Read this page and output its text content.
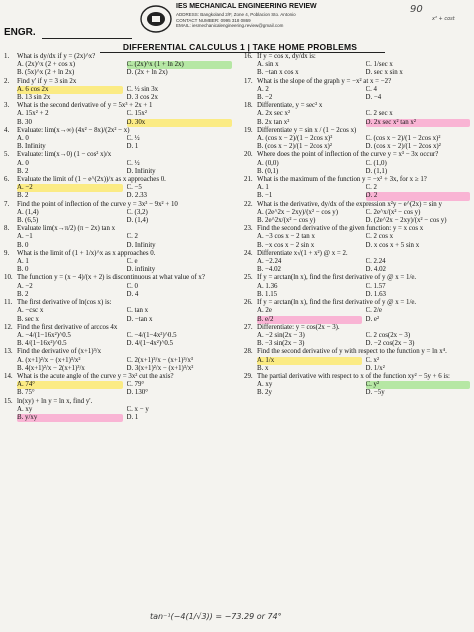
ENGR.
IES MECHANICAL ENGINEERING REVIEW
ADDRESS: Bangkoland 2/F, Zone 4, Poblacion Sto. Antonio
CONTACT NUMBER: 0995 318 0869
EMAIL: iesmechanicalengineering.review@gmail.com
90
x² + cost
DIFFERENTIAL CALCULUS 1 | TAKE HOME PROBLEMS
1. What is dy/dx if y = (2x)^x?
A. (2x)^x (2 + cos x)	C. (2x)^x (1 + ln 2x)
B. (5x)^x (2 + ln 2x)	D. (2x + ln 2x)
2. Find y' if y = 3 sin 2x
A. 6 cos 2x	C. ½ sin 3x
B. 13 sin 2x	D. 3 cos 2x
3. What is the second derivative of y = 5x³ + 2x + 1
A. 15x² + 2	C. 15x²
B. 30	D. 30x
4. Evaluate: lim(x→∞) (4x² − 8x)/(2x² − x)
A. 0	C. ½
B. Infinity	D. 1
5. Evaluate: lim(x→0) (1 − cos² x)/x
A. 0	C. ½
B. 2	D. Infinity
6. Evaluate the limit of (1 − e^(2x))/x as x approaches 0.
A. −2	C. −5
B. 2	D. 2.33
7. Find the point of inflection of the curve y = 3x³ − 9x² + 10
A. (1,4)	C. (3,2)
B. (6,5)	D. (1,4)
8. Evaluate lim(x→π/2) (π − 2x) tan x
A. −1	C. 2
B. 0	D. Infinity
9. What is the limit of (1 + 1/x)^x as x approaches 0.
A. 1	C. e
B. 0	D. infinity
10. The function y = (x − 4)/(x + 2) is discontinuous at what value of x?
A. −2	C. 0
B. 2	D. 4
11. The first derivative of ln(cos x) is:
A. −csc x	C. tan x
B. sec x	D. −tan x
12. Find the first derivative of arccos 4x
A. −4/(1−16x²)^0.5	C. −4/(1−4x²)^0.5
B. 4/(1−16x²)^0.5	D. 4/(1−4x²)^0.5
13. Find the derivative of (x+1)³/x
A. (x+1)²/x − (x+1)³/x²	C. 2(x+1)³/x − (x+1)³/x³
B. 4(x+1)²/x − 2(x+1)³/x	D. 3(x+1)²/x − (x+1)³/x²
14. What is the acute angle of the curve y = 3x² cut the axis?
A. 74°	C. 79°
B. 75°	D. 130°
15. ln(xy) + ln y = ln x, find y'.
A. xy	C. x − y
B. y/xy	D. 1
16. If y = cos x, dy/dx is:
A. sin x	C. 1/sec x
B. −tan x cos x	D. sec x sin x
17. What is the slope of the graph y = −x² at x = −2?
A. 2	C. 4
B. −2	D. −4
18. Differentiate, y = sec² x
A. 2x sec x²	C. 2 sec x
B. 2x tan x²	D. 2x sec x² tan x²
19. Differentiate y = sin x / (1 − 2cos x)
A. (cos x − 2)/(1 − 2cos x)²	C. (cos x − 2)/(1 − 2cos x)²
B. (cos x − 2)/(1 − 2cos x)²	D. (cos x − 2)/(1 − 2cos x)²
20. Where does the point of inflection of the curve y = x³ − 3x occur?
A. (0,0)	C. (1,0)
B. (0,1)	D. (1,1)
21. What is the maximum of the function y = −x² + 3x, for x ≥ 1?
A. 1	C. 2
B. −1	D. 2
22. What is the derivative, dy/dx of the expression x²y − e^(2x) = sin y
A. (2e^2x − 2xy)/(x² − cos y)	C. 2e^x/(x² − cos y)
B. 2e^2x/(x² − cos y)	D. (2e^2x − 2xy)/(x² − cos y)
23. Find the second derivative of the given function: y = x cos x
A. −3 cos x − 2 tan x	C. 2 cos x
B. −x cos x − 2 sin x	D. x cos x + 5 sin x
24. Differentiate x√(1 + x²) @ x = 2.
A. −2.24	C. 2.24
B. −4.02	D. 4.02
25. If y = arctan(ln x), find the first derivative of y @ x = 1/e.
A. 1.36	C. 1.57
B. 1.15	D. 1.63
26. If y = arctan(ln x), find the first derivative of y @ x = 1/e.
A. 2e	C. 2/e
B. e/2	D. e²
27. Differentiate: y = cos(2x − 3).
A. −2 sin(2x − 3)	C. 2 cos(2x − 3)
B. −3 sin(2x − 3)	D. −2 cos(2x − 3)
28. Find the second derivative of y with respect to the function y = ln x⁴.
A. 1/x	C. x²
B. x	D. 1/x²
29. The partial derivative with respect to x of the function xy² − 5y + 6 is:
A. xy	C. y²
B. 2y	D. −5y
tan⁻¹(−4(1/√3)) = −73.29 or 74°
